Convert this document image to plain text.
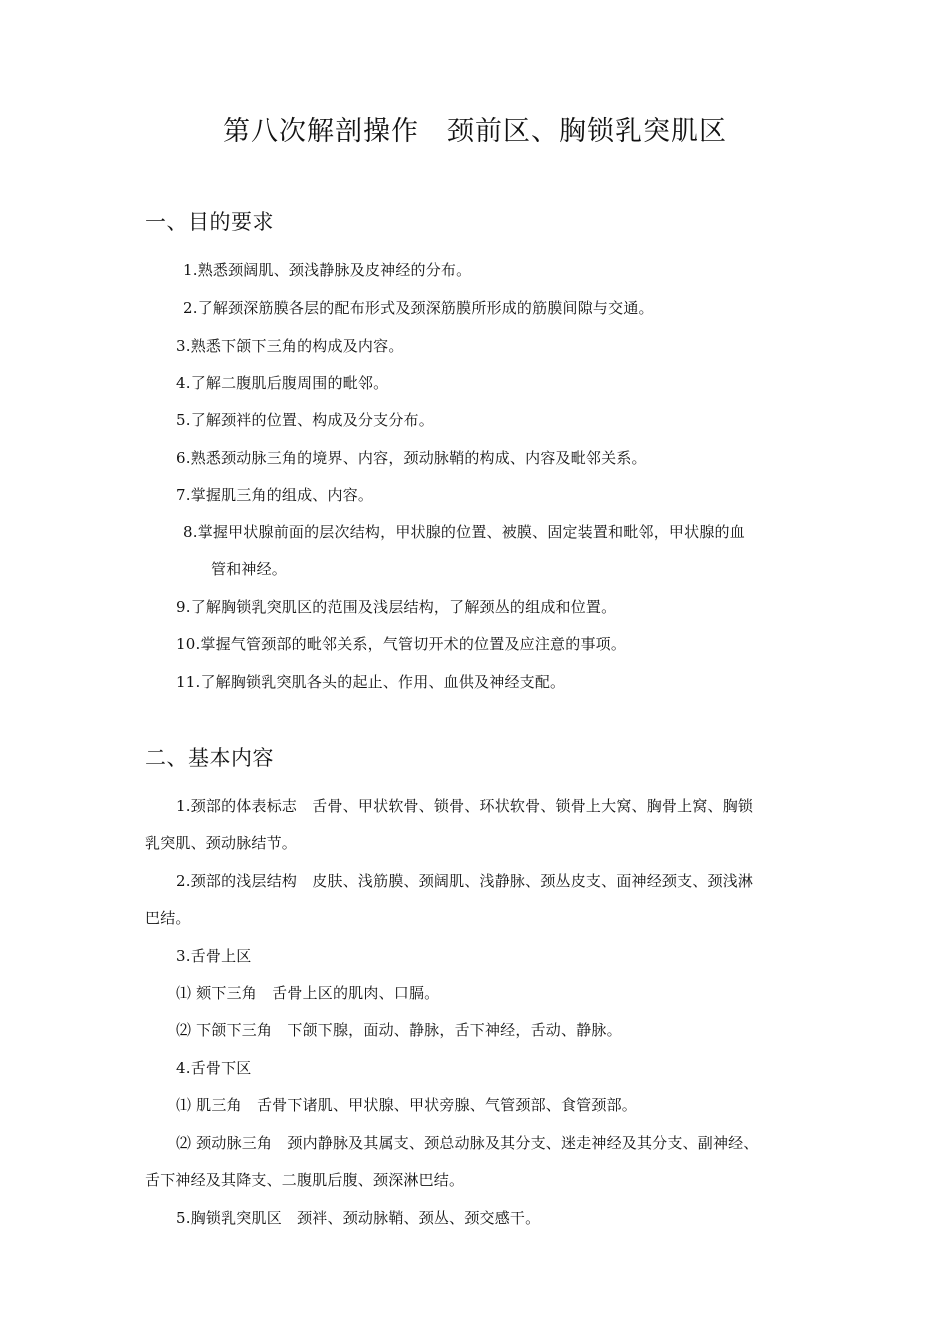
第八次解剖操作　颈前区、胸锁乳突肌区
一、目的要求
1.熟悉颈阔肌、颈浅静脉及皮神经的分布。
2.了解颈深筋膜各层的配布形式及颈深筋膜所形成的筋膜间隙与交通。
3.熟悉下颌下三角的构成及内容。
4.了解二腹肌后腹周围的毗邻。
5.了解颈袢的位置、构成及分支分布。
6.熟悉颈动脉三角的境界、内容，颈动脉鞘的构成、内容及毗邻关系。
7.掌握肌三角的组成、内容。
8.掌握甲状腺前面的层次结构，甲状腺的位置、被膜、固定装置和毗邻，甲状腺的血
管和神经。
9.了解胸锁乳突肌区的范围及浅层结构，了解颈丛的组成和位置。
10.掌握气管颈部的毗邻关系，气管切开术的位置及应注意的事项。
11.了解胸锁乳突肌各头的起止、作用、血供及神经支配。
二、基本内容
1.颈部的体表标志　舌骨、甲状软骨、锁骨、环状软骨、锁骨上大窝、胸骨上窝、胸锁
乳突肌、颈动脉结节。
2.颈部的浅层结构　皮肤、浅筋膜、颈阔肌、浅静脉、颈丛皮支、面神经颈支、颈浅淋
巴结。
3.舌骨上区
⑴ 颏下三角　舌骨上区的肌肉、口膈。
⑵ 下颌下三角　下颌下腺，面动、静脉，舌下神经，舌动、静脉。
4.舌骨下区
⑴ 肌三角　舌骨下诸肌、甲状腺、甲状旁腺、气管颈部、食管颈部。
⑵ 颈动脉三角　颈内静脉及其属支、颈总动脉及其分支、迷走神经及其分支、副神经、
舌下神经及其降支、二腹肌后腹、颈深淋巴结。
5.胸锁乳突肌区　颈袢、颈动脉鞘、颈丛、颈交感干。
